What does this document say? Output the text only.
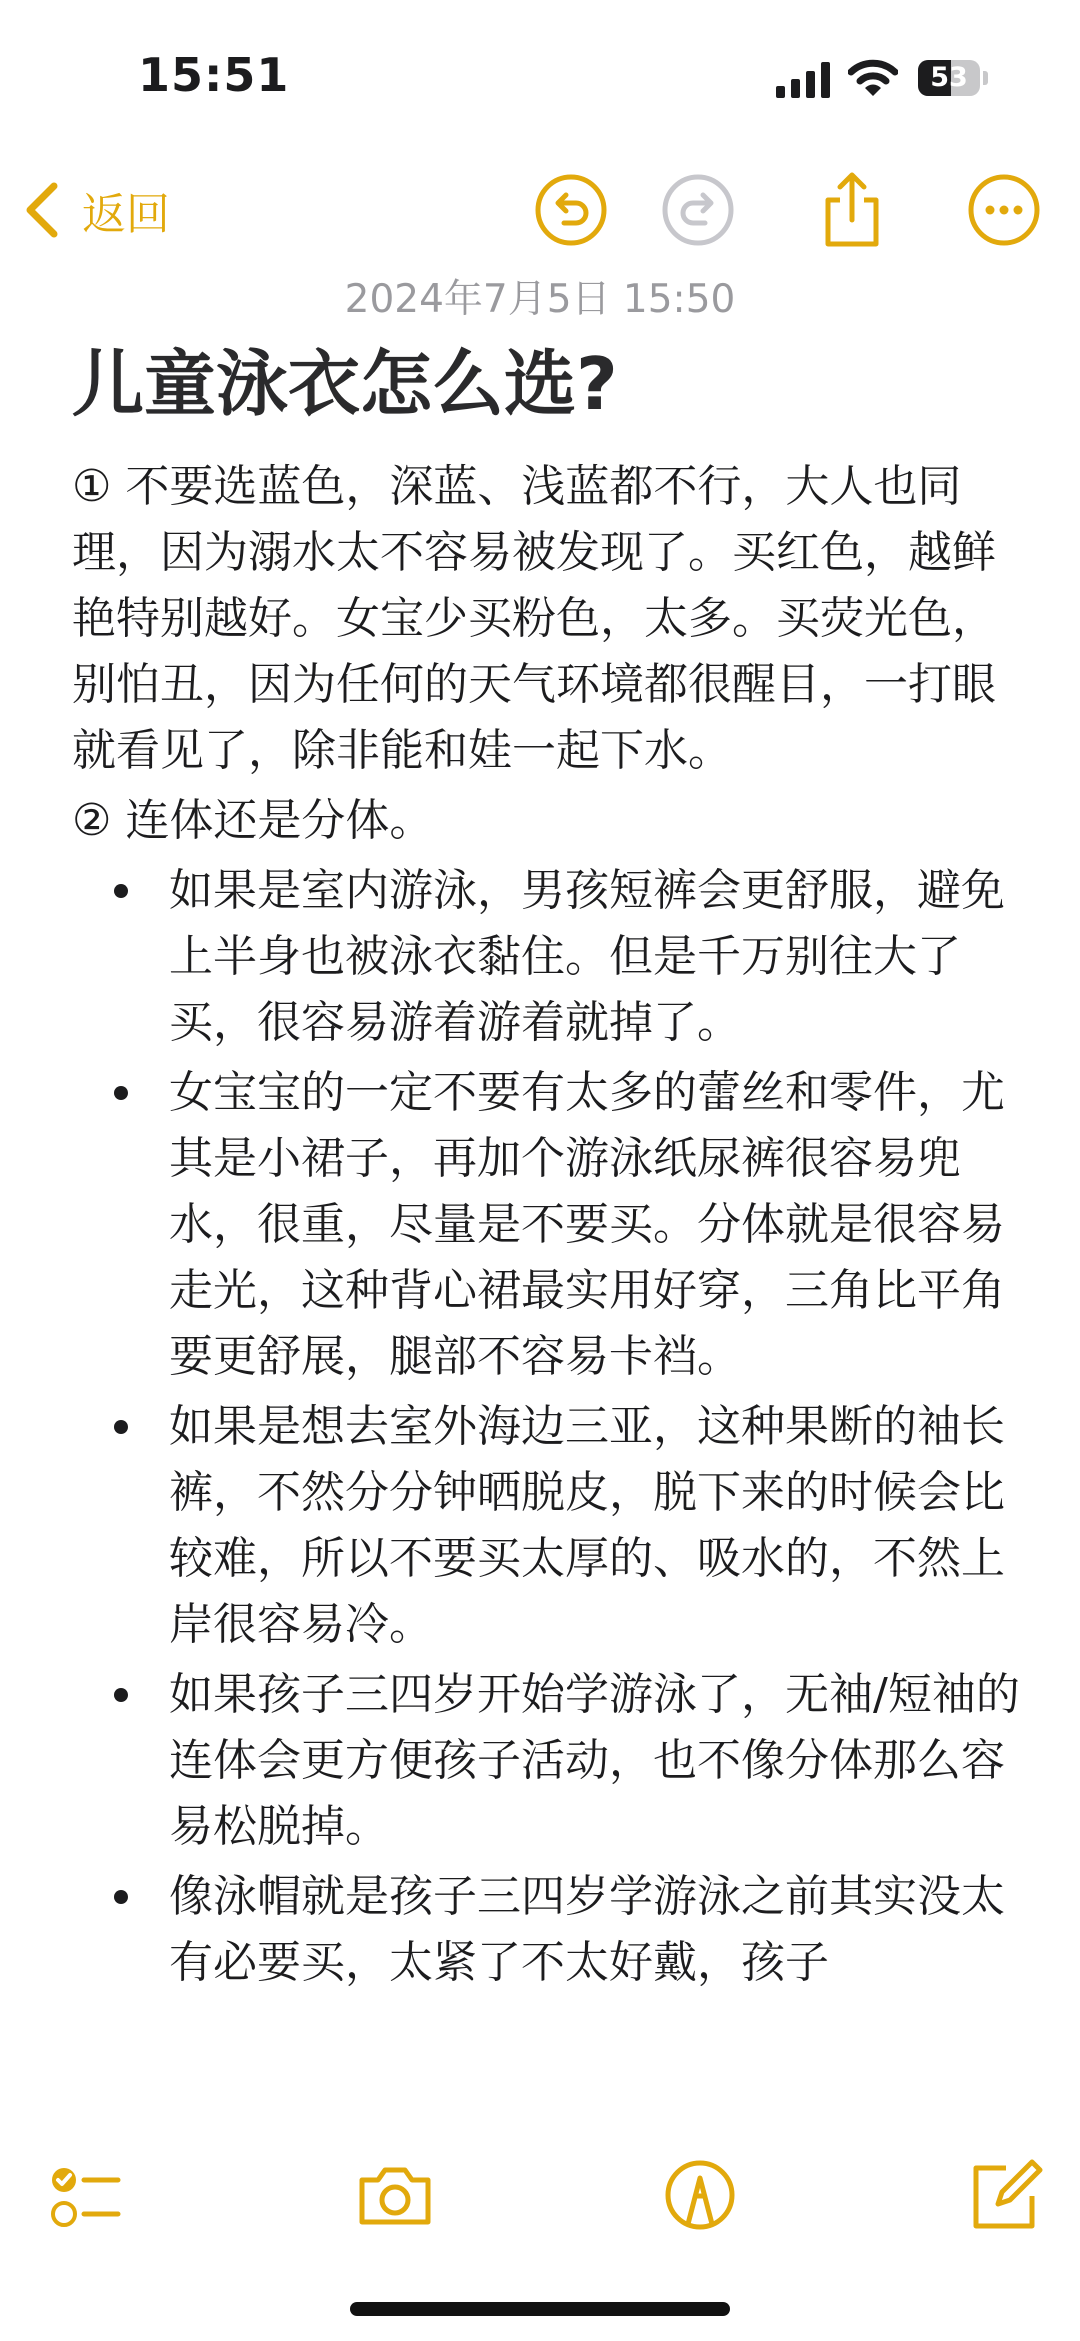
15:51	53
返回
2024年7月5日 15:50
儿童泳衣怎么选?

① 不要选蓝色，深蓝、浅蓝都不行，大人也同理，因为溺水太不容易被发现了。买红色，越鲜艳特别越好。女宝少买粉色，太多。买荧光色，别怕丑，因为任何的天气环境都很醒目，一打眼就看见了，除非能和娃一起下水。

② 连体还是分体。

如果是室内游泳，男孩短裤会更舒服，避免上半身也被泳衣黏住。但是千万别往大了买，很容易游着游着就掉了。
女宝宝的一定不要有太多的蕾丝和零件，尤其是小裙子，再加个游泳纸尿裤很容易兜水，很重，尽量是不要买。分体就是很容易走光，这种背心裙最实用好穿，三角比平角要更舒展，腿部不容易卡裆。
如果是想去室外海边三亚，这种果断的袖长裤，不然分分钟晒脱皮，脱下来的时候会比较难，所以不要买太厚的、吸水的，不然上岸很容易冷。
如果孩子三四岁开始学游泳了，无袖/短袖的连体会更方便孩子活动，也不像分体那么容易松脱掉。
像泳帽就是孩子三四岁学游泳之前其实没太有必要买，太紧了不太好戴，孩子
